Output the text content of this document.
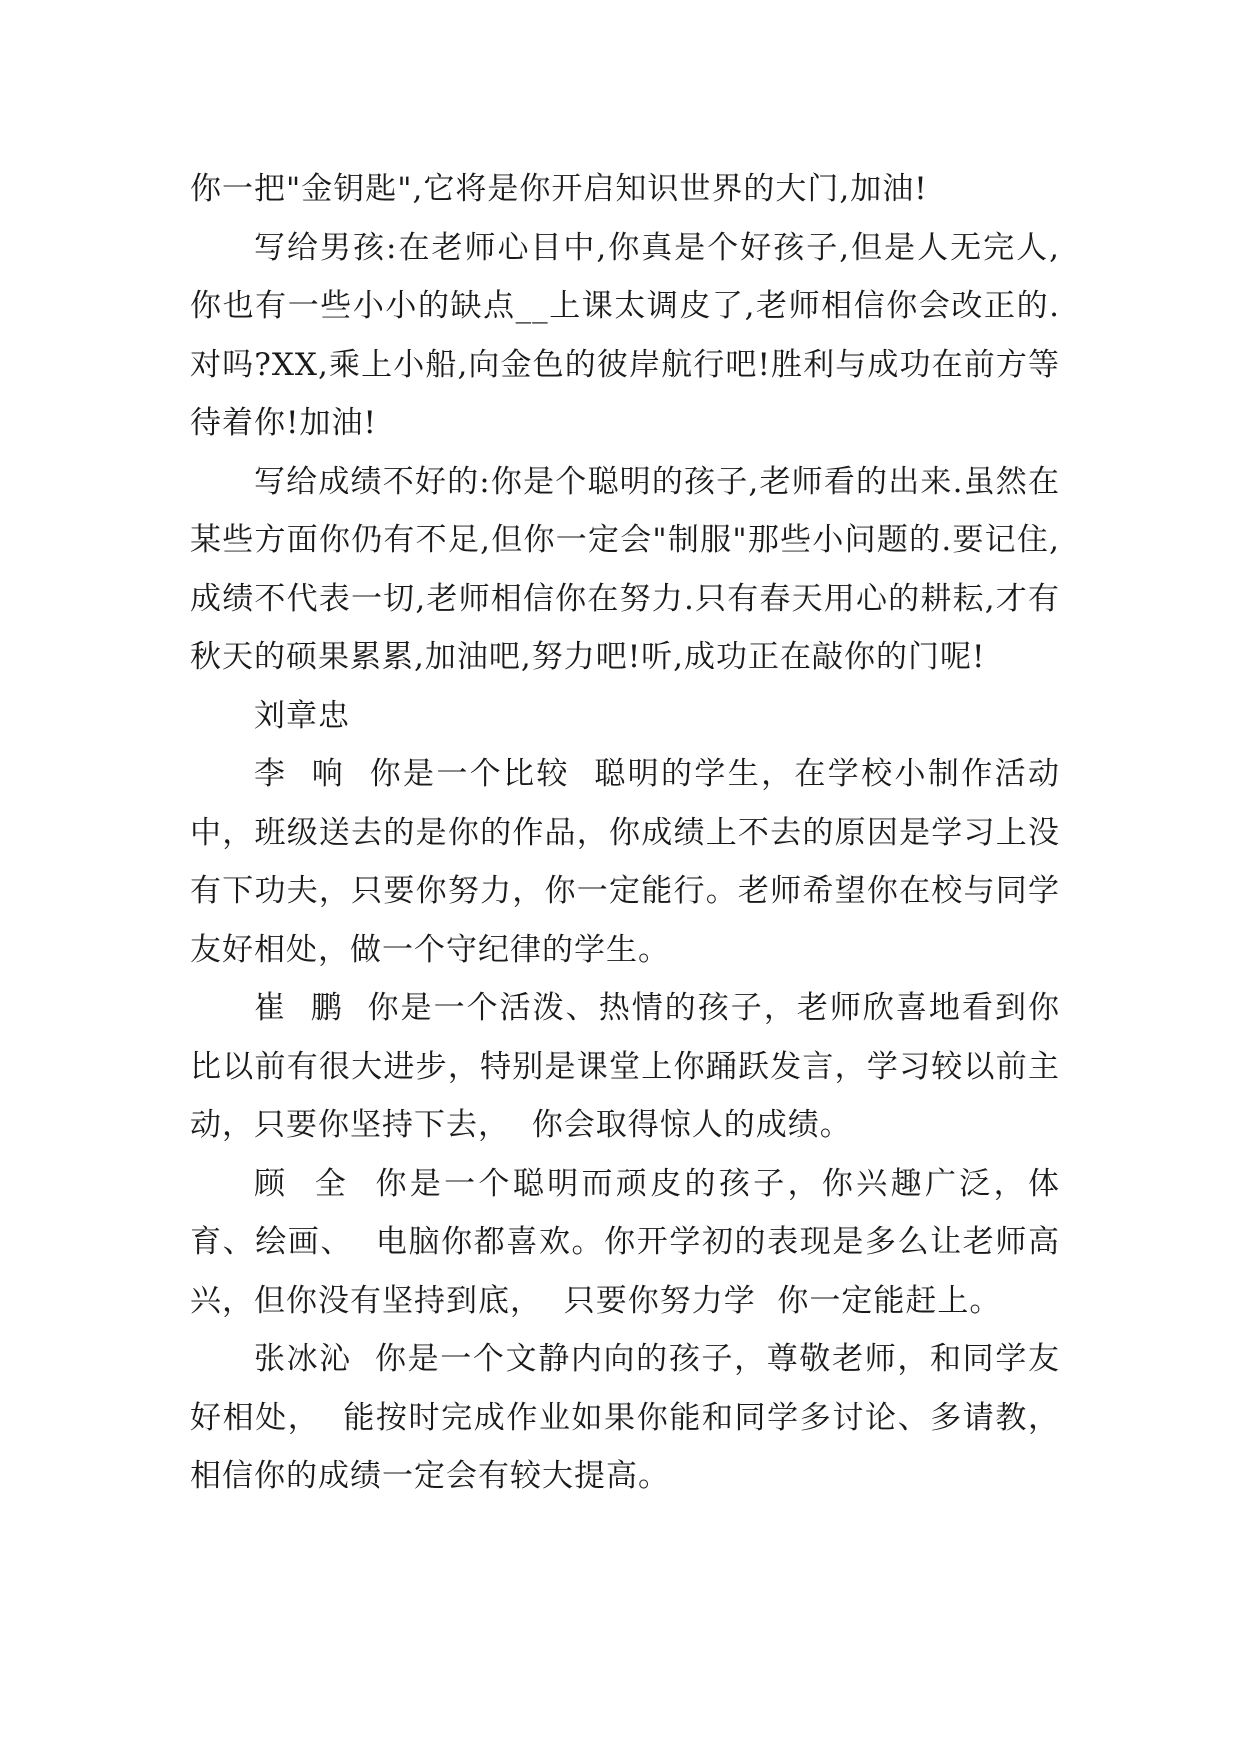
你一把"金钥匙",它将是你开启知识世界的大门,加油!

写给男孩:在老师心目中,你真是个好孩子,但是人无完人,你也有一些小小的缺点__上课太调皮了,老师相信你会改正的.对吗?XX,乘上小船,向金色的彼岸航行吧!胜利与成功在前方等待着你!加油!

写给成绩不好的:你是个聪明的孩子,老师看的出来.虽然在某些方面你仍有不足,但你一定会"制服"那些小问题的.要记住,成绩不代表一切,老师相信你在努力.只有春天用心的耕耘,才有秋天的硕果累累,加油吧,努力吧!听,成功正在敲你的门呢!

刘章忠

李  响  你是一个比较  聪明的学生，在学校小制作活动中，班级送去的是你的作品，你成绩上不去的原因是学习上没有下功夫，只要你努力，你一定能行。老师希望你在校与同学友好相处，做一个守纪律的学生。

崔  鹏  你是一个活泼、热情的孩子，老师欣喜地看到你比以前有很大进步，特别是课堂上你踊跃发言，学习较以前主动，只要你坚持下去，  你会取得惊人的成绩。

顾  全  你是一个聪明而顽皮的孩子，你兴趣广泛，体育、绘画、  电脑你都喜欢。你开学初的表现是多么让老师高兴，但你没有坚持到底，  只要你努力学  你一定能赶上。

张冰沁  你是一个文静内向的孩子，尊敬老师，和同学友好相处，  能按时完成作业如果你能和同学多讨论、多请教，相信你的成绩一定会有较大提高。
